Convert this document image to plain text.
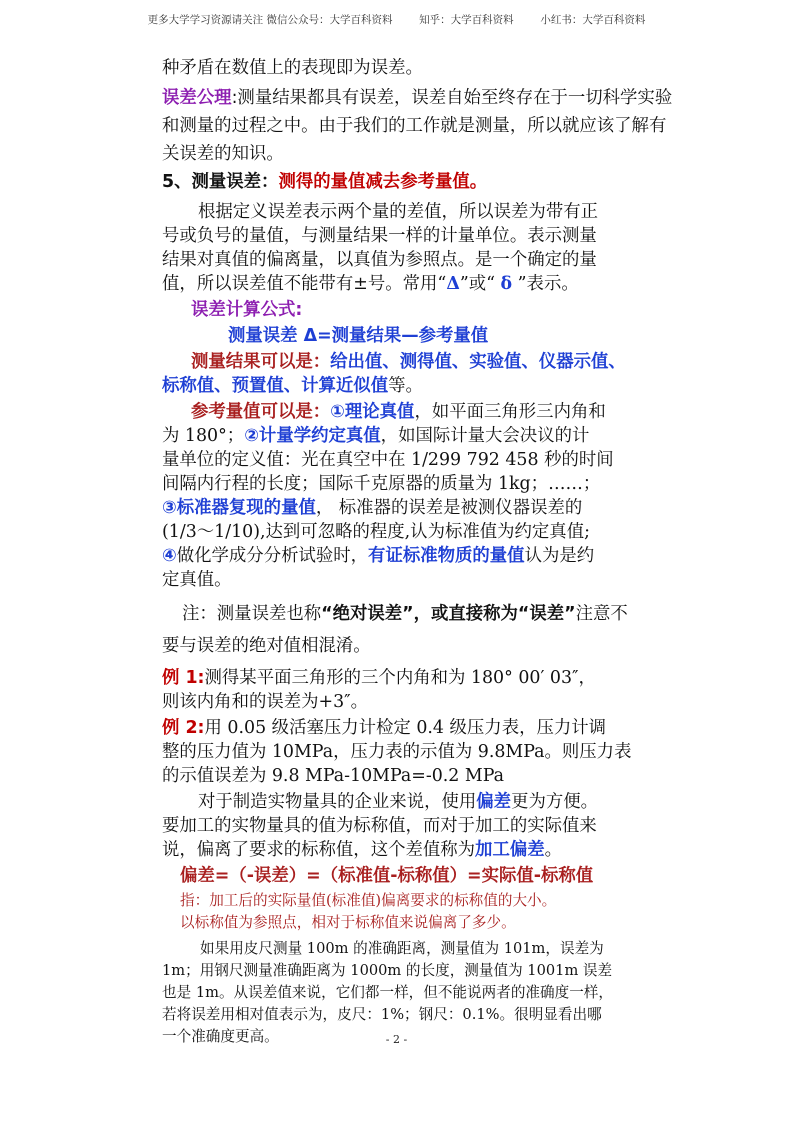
更多大学学习资源请关注 微信公众号：大学百科资料        知乎：大学百科资料        小红书：大学百科资料
种矛盾在数值上的表现即为误差。
误差公理:测量结果都具有误差，误差自始至终存在于一切科学实验
和测量的过程之中。由于我们的工作就是测量，所以就应该了解有
关误差的知识。
5、测量误差：测得的量值减去参考量值。
根据定义误差表示两个量的差值，所以误差为带有正
号或负号的量值，与测量结果一样的计量单位。表示测量
结果对真值的偏离量，以真值为参照点。是一个确定的量
值，所以误差值不能带有±号。常用“Δ”或“ δ ”表示。
误差计算公式:
测量误差 Δ=测量结果—参考量值
测量结果可以是：给出值、测得值、实验值、仪器示值、
标称值、预置值、计算近似值等。
参考量值可以是：①理论真值，如平面三角形三内角和
为 180°；②计量学约定真值，如国际计量大会决议的计
量单位的定义值：光在真空中在 1/299 792 458 秒的时间
间隔内行程的长度；国际千克原器的质量为 1kg；……；
③标准器复现的量值， 标准器的误差是被测仪器误差的
(1/3～1/10),达到可忽略的程度,认为标准值为约定真值;
④做化学成分分析试验时，有证标准物质的量值认为是约
定真值。
注：测量误差也称“绝对误差”，或直接称为“误差”注意不
要与误差的绝对值相混淆。
例 1:测得某平面三角形的三个内角和为 180° 00′ 03″，
则该内角和的误差为+3″。
例 2:用 0.05 级活塞压力计检定 0.4 级压力表，压力计调
整的压力值为 10MPa，压力表的示值为 9.8MPa。则压力表
的示值误差为 9.8 MPa-10MPa=-0.2 MPa
对于制造实物量具的企业来说，使用偏差更为方便。
要加工的实物量具的值为标称值，而对于加工的实际值来
说，偏离了要求的标称值，这个差值称为加工偏差。
偏差=（-误差）=（标准值-标称值）=实际值-标称值
指：加工后的实际量值(标准值)偏离要求的标称值的大小。
以标称值为参照点，相对于标称值来说偏离了多少。
如果用皮尺测量 100m 的准确距离，测量值为 101m，误差为
1m；用钢尺测量准确距离为 1000m 的长度，测量值为 1001m 误差
也是 1m。从误差值来说，它们都一样，但不能说两者的准确度一样，
若将误差用相对值表示为，皮尺：1%；钢尺：0.1%。很明显看出哪
一个准确度更高。	- 2 -
